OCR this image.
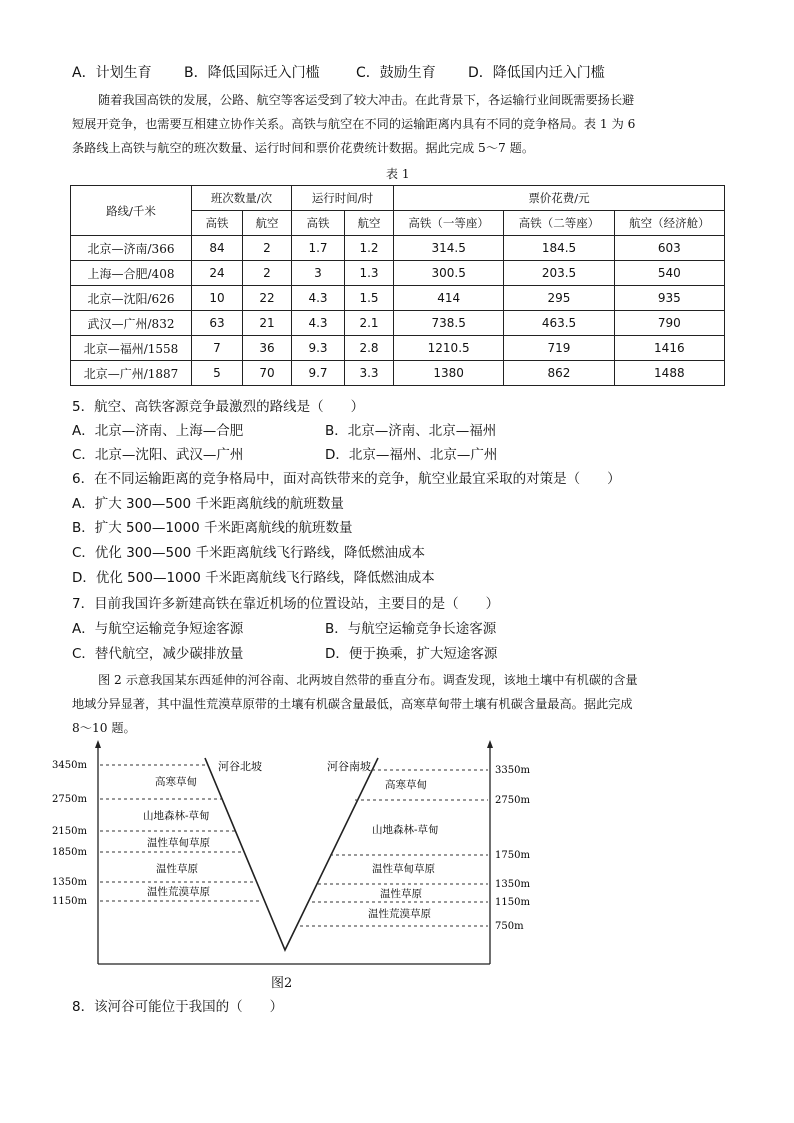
A．计划生育 B．降低国际迁入门槛	C．鼓励生育 D．降低国内迁入门槛
随着我国高铁的发展，公路、航空等客运受到了较大冲击。在此背景下，各运输行业间既需要扬长避
短展开竞争，也需要互相建立协作关系。高铁与航空在不同的运输距离内具有不同的竞争格局。表 1 为 6
条路线上高铁与航空的班次数量、运行时间和票价花费统计数据。据此完成 5～7 题。
表 1
路线/千米	班次数量/次		运行时间/时		票价花费/元		
	高铁	航空	高铁	航空	高铁（一等座）	高铁（二等座）	航空（经济舱）
北京—济南/366	84	2	1.7	1.2	314.5	184.5	603
上海—合肥/408	24	2	3	1.3	300.5	203.5	540
北京—沈阳/626	10	22	4.3	1.5	414	295	935
武汉—广州/832	63	21	4.3	2.1	738.5	463.5	790
北京—福州/1558	7	36	9.3	2.8	1210.5	719	1416
北京—广州/1887	5	70	9.7	3.3	1380	862	1488
5．航空、高铁客源竞争最激烈的路线是（　　）
A．北京—济南、上海—合肥	B．北京—济南、北京—福州
C．北京—沈阳、武汉—广州	D．北京—福州、北京—广州
6．在不同运输距离的竞争格局中，面对高铁带来的竞争，航空业最宜采取的对策是（　　）
A．扩大 300—500 千米距离航线的航班数量
B．扩大 500—1000 千米距离航线的航班数量
C．优化 300—500 千米距离航线飞行路线，降低燃油成本
D．优化 500—1000 千米距离航线飞行路线，降低燃油成本
7．目前我国许多新建高铁在靠近机场的位置设站，主要目的是（　　）
A．与航空运输竞争短途客源	B．与航空运输竞争长途客源
C．替代航空，减少碳排放量	D．便于换乘，扩大短途客源
图 2 示意我国某东西延伸的河谷南、北两坡自然带的垂直分布。调查发现，该地土壤中有机碳的含量
地域分异显著，其中温性荒漠草原带的土壤有机碳含量最低，高寒草甸带土壤有机碳含量最高。据此完成
8～10 题。
河谷北坡	河谷南坡
3450m
2750m
2150m
1850m
1350m
1150m
3350m
2750m
1750m
1350m
1150m
750m
高寒草甸
山地森林-草甸
温性草甸草原
温性草原
温性荒漠草原
高寒草甸
山地森林-草甸
温性草甸草原
温性草原
温性荒漠草原
图2
8．该河谷可能位于我国的（　　）
